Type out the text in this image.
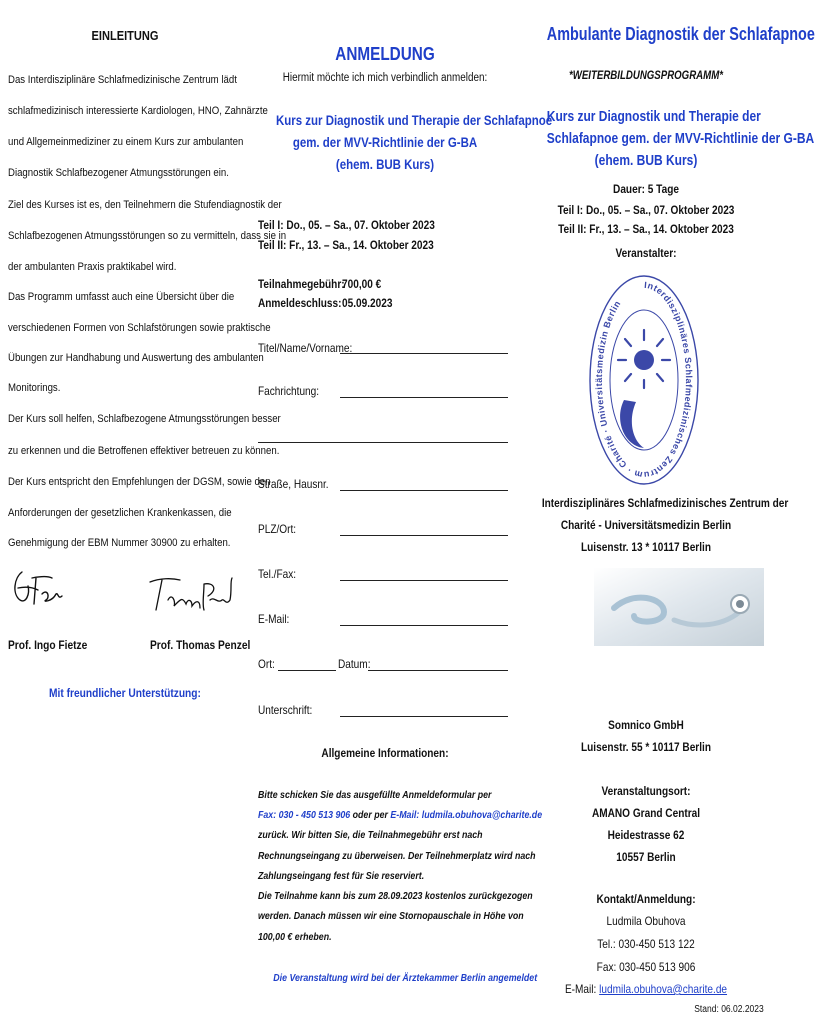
EINLEITUNG
Das Interdisziplinäre Schlafmedizinische Zentrum lädt
schlafmedizinisch interessierte Kardiologen, HNO, Zahnärzte
und Allgemeinmediziner zu einem Kurs zur ambulanten
Diagnostik Schlafbezogener Atmungsstörungen ein.
Ziel des Kurses ist es, den Teilnehmern die Stufendiagnostik der
Schlafbezogenen Atmungsstörungen so zu vermitteln, dass sie in
der ambulanten Praxis praktikabel wird.
Das Programm umfasst auch eine Übersicht über die
verschiedenen Formen von Schlafstörungen sowie praktische
Übungen zur Handhabung und Auswertung des ambulanten
Monitorings.
Der Kurs soll helfen, Schlafbezogene Atmungsstörungen besser
zu erkennen und die Betroffenen effektiver betreuen zu können.
Der Kurs entspricht den Empfehlungen der DGSM, sowie den
Anforderungen der gesetzlichen Krankenkassen, die
Genehmigung der EBM Nummer 30900 zu erhalten.
Prof. Ingo Fietze	Prof. Thomas Penzel
Mit freundlicher Unterstützung:
ANMELDUNG
Hiermit möchte ich mich verbindlich anmelden:
Kurs zur Diagnostik und Therapie der Schlafapnoe
gem. der MVV-Richtlinie der G-BA
(ehem. BUB Kurs)
Teil I: Do., 05. – Sa., 07. Oktober 2023
Teil II: Fr., 13. – Sa., 14. Oktober 2023
Teilnahmegebühr:
700,00 €
Anmeldeschluss: 05.09.2023
Titel/Name/Vorname:
Fachrichtung:
Straße, Hausnr.
PLZ/Ort:
Tel./Fax:
E-Mail:
Ort:	Datum:
Unterschrift:
Allgemeine Informationen:
Bitte schicken Sie das ausgefüllte Anmeldeformular per
Fax: 030 - 450 513 906 oder per E-Mail: ludmila.obuhova@charite.de
zurück. Wir bitten Sie, die Teilnahmegebühr erst nach
Rechnungseingang zu überweisen. Der Teilnehmerplatz wird nach
Zahlungseingang fest für Sie reserviert.
Die Teilnahme kann bis zum 28.09.2023 kostenlos zurückgezogen
werden. Danach müssen wir eine Stornopauschale in Höhe von
100,00 € erheben.
Die Veranstaltung wird bei der Ärztekammer Berlin angemeldet
Ambulante Diagnostik der Schlafapnoe
*WEITERBILDUNGSPROGRAMM*
Kurs zur Diagnostik und Therapie der
Schlafapnoe gem. der MVV-Richtlinie der G-BA
(ehem. BUB Kurs)
Dauer: 5 Tage
Teil I: Do., 05. – Sa., 07. Oktober 2023
Teil II: Fr., 13. – Sa., 14. Oktober 2023
Veranstalter:
Interdisziplinäres Schlafmedizinisches Zentrum · Charité · Universitätsmedizin Berlin
Interdisziplinäres Schlafmedizinisches Zentrum der
Charité - Universitätsmedizin Berlin
Luisenstr. 13 * 10117 Berlin
Somnico GmbH
Luisenstr. 55 * 10117 Berlin
Veranstaltungsort:
AMANO Grand Central
Heidestrasse 62
10557 Berlin
Kontakt/Anmeldung:
Ludmila Obuhova
Tel.: 030-450 513 122
Fax: 030-450 513 906
E-Mail: ludmila.obuhova@charite.de
Stand: 06.02.2023
